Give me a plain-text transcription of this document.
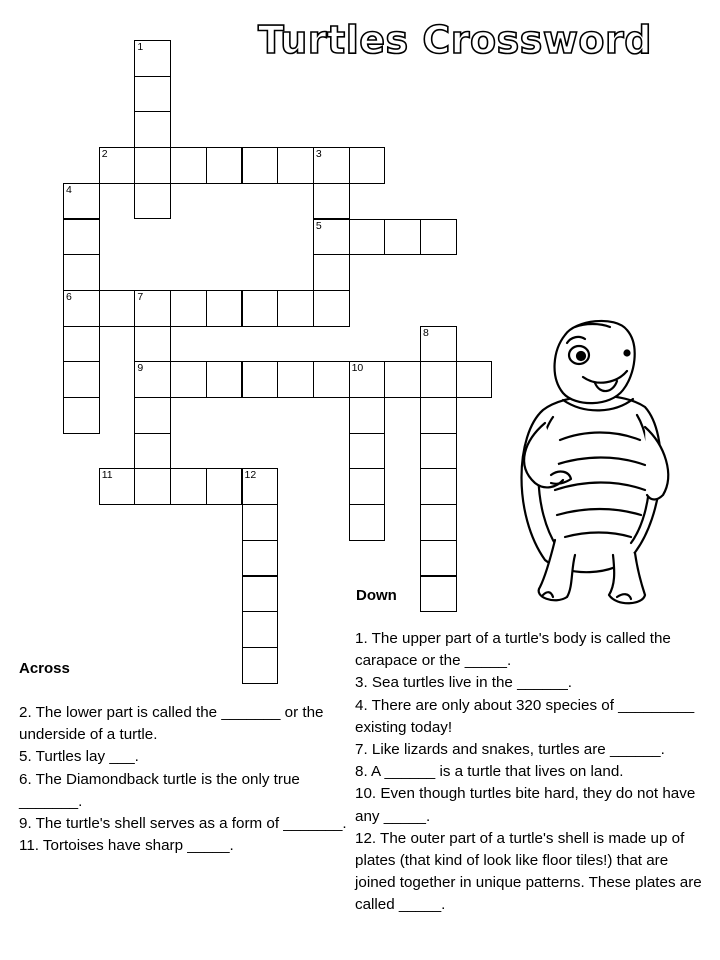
Turtles Crossword
1
2	3
5
4
6	7
9
8
10
11	12
Across

2. The lower part is called the _______ or the underside of a turtle.

5. Turtles lay ___.

6. The Diamondback turtle is the only true _______.

9. The turtle's shell serves as a form of _______.

11. Tortoises have sharp _____.

Down

1. The upper part of a turtle's body is called the carapace or the _____.

3. Sea turtles live in the ______.

4. There are only about 320 species of _________ existing today!

7. Like lizards and snakes, turtles are ______.

8. A ______ is a turtle that lives on land.

10. Even though turtles bite hard, they do not have any _____.

12. The outer part of a turtle's shell is made up of plates (that kind of look like floor tiles!) that are joined together in unique patterns. These plates are called _____.
